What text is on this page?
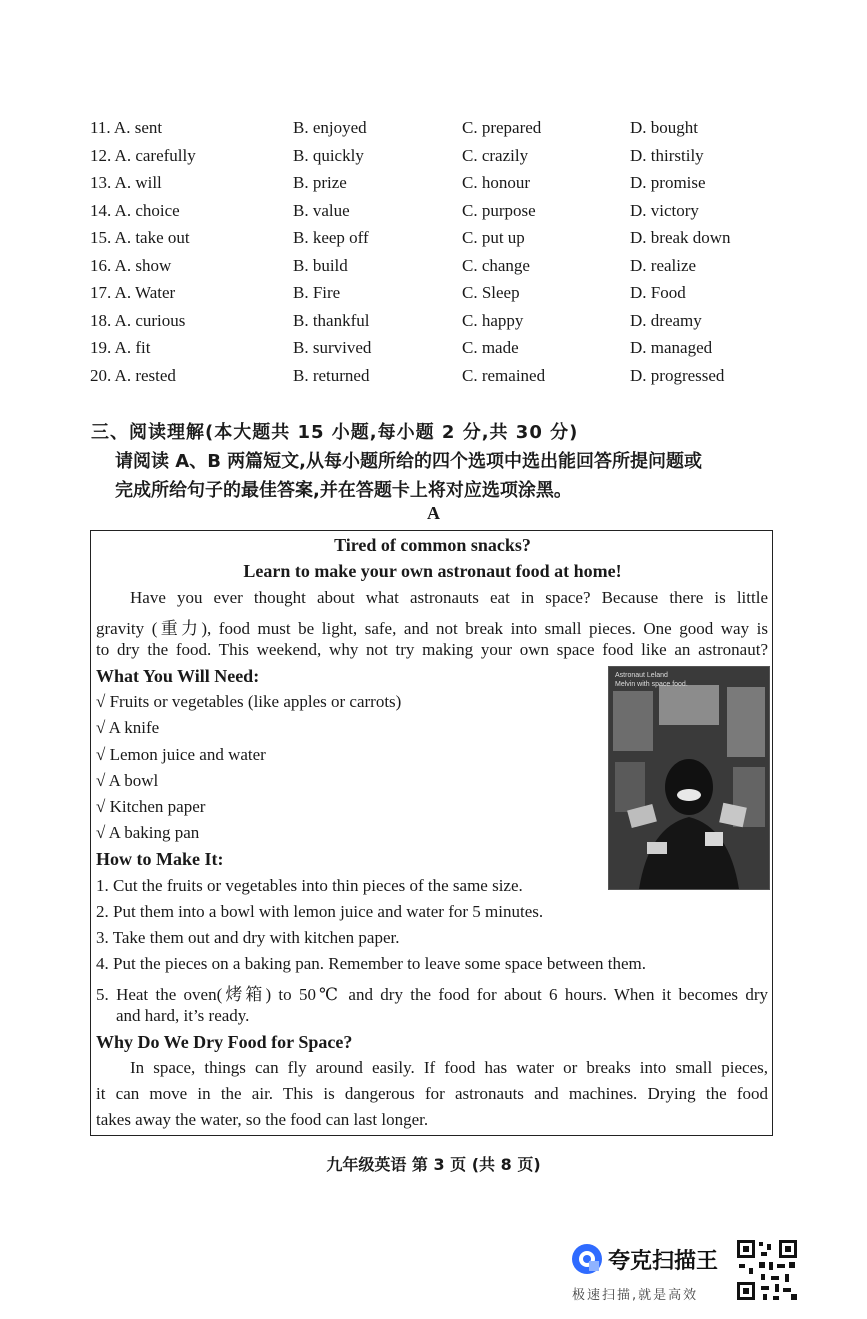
11. A. sent	B. enjoyed	C. prepared	D. bought
12. A. carefully	B. quickly	C. crazily	D. thirstily
13. A. will	B. prize	C. honour	D. promise
14. A. choice	B. value	C. purpose	D. victory
15. A. take out	B. keep off	C. put up	D. break down
16. A. show	B. build	C. change	D. realize
17. A. Water	B. Fire	C. Sleep	D. Food
18. A. curious	B. thankful	C. happy	D. dreamy
19. A. fit	B. survived	C. made	D. managed
20. A. rested	B. returned	C. remained	D. progressed
三、阅读理解(本大题共 15 小题,每小题 2 分,共 30 分)
请阅读 A、B 两篇短文,从每小题所给的四个选项中选出能回答所提问题或
完成所给句子的最佳答案,并在答题卡上将对应选项涂黑。
A
Tired of common snacks?
Learn to make your own astronaut food at home!
Have you ever thought about what astronauts eat in space? Because there is little
gravity (重力), food must be light, safe, and not break into small pieces. One good way is
to dry the food. This weekend, why not try making your own space food like an astronaut?
What You Will Need:
√ Fruits or vegetables (like apples or carrots)
√ A knife
√ Lemon juice and water
√ A bowl
√ Kitchen paper
√ A baking pan
How to Make It:
1. Cut the fruits or vegetables into thin pieces of the same size.
2. Put them into a bowl with lemon juice and water for 5 minutes.
3. Take them out and dry with kitchen paper.
4. Put the pieces on a baking pan. Remember to leave some space between them.
5. Heat the oven(烤箱) to 50℃ and dry the food for about 6 hours. When it becomes dry
and hard, it’s ready.
Why Do We Dry Food for Space?
In space, things can fly around easily. If food has water or breaks into small pieces,
it can move in the air. This is dangerous for astronauts and machines. Drying the food
takes away the water, so the food can last longer.
Astronaut Leland
Melvin with space food.
九年级英语 第 3 页 (共 8 页)
夸克扫描王
极速扫描,就是高效
